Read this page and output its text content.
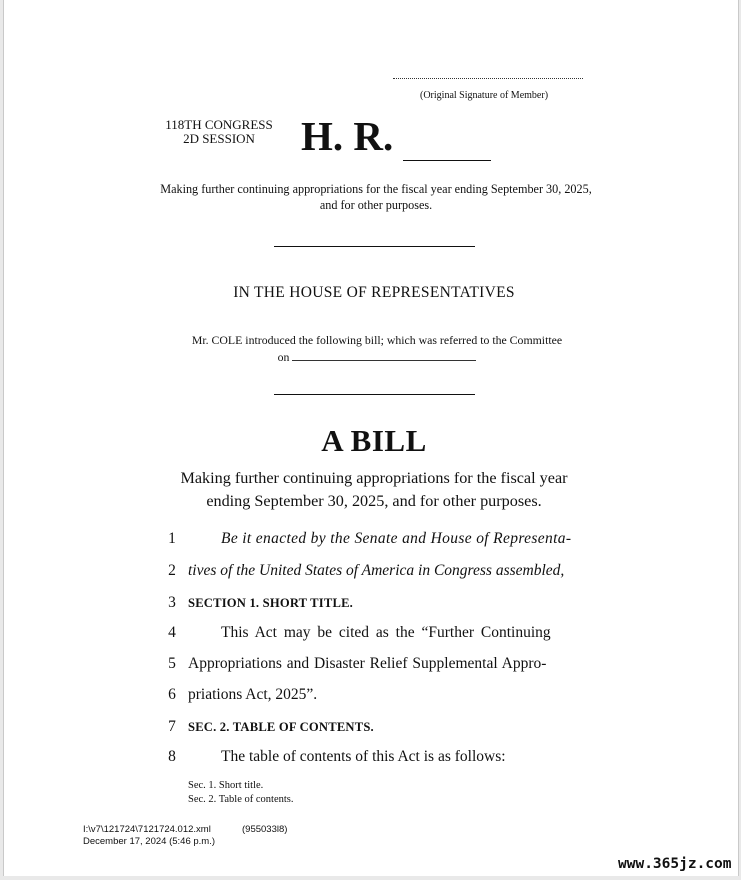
(Original Signature of Member)
118TH CONGRESS
2D SESSION	H. R.
Making further continuing appropriations for the fiscal year ending September 30, 2025, and for other purposes.
IN THE HOUSE OF REPRESENTATIVES
Mr. COLE introduced the following bill; which was referred to the Committee
on
A BILL
Making further continuing appropriations for the fiscal year
ending September 30, 2025, and for other purposes.
1	Be it enacted by the Senate and House of Representa-
2 tives of the United States of America in Congress assembled,
3 SECTION 1. SHORT TITLE.
4	This Act may be cited as the “Further Continuing
5 Appropriations and Disaster Relief Supplemental Appro-
6 priations Act, 2025”.
7 SEC. 2. TABLE OF CONTENTS.
8	The table of contents of this Act is as follows:
Sec. 1. Short title.
Sec. 2. Table of contents.
I:\v7\121724\7121724.012.xml	(955033l8)
December 17, 2024 (5:46 p.m.)
www.365jz.com
